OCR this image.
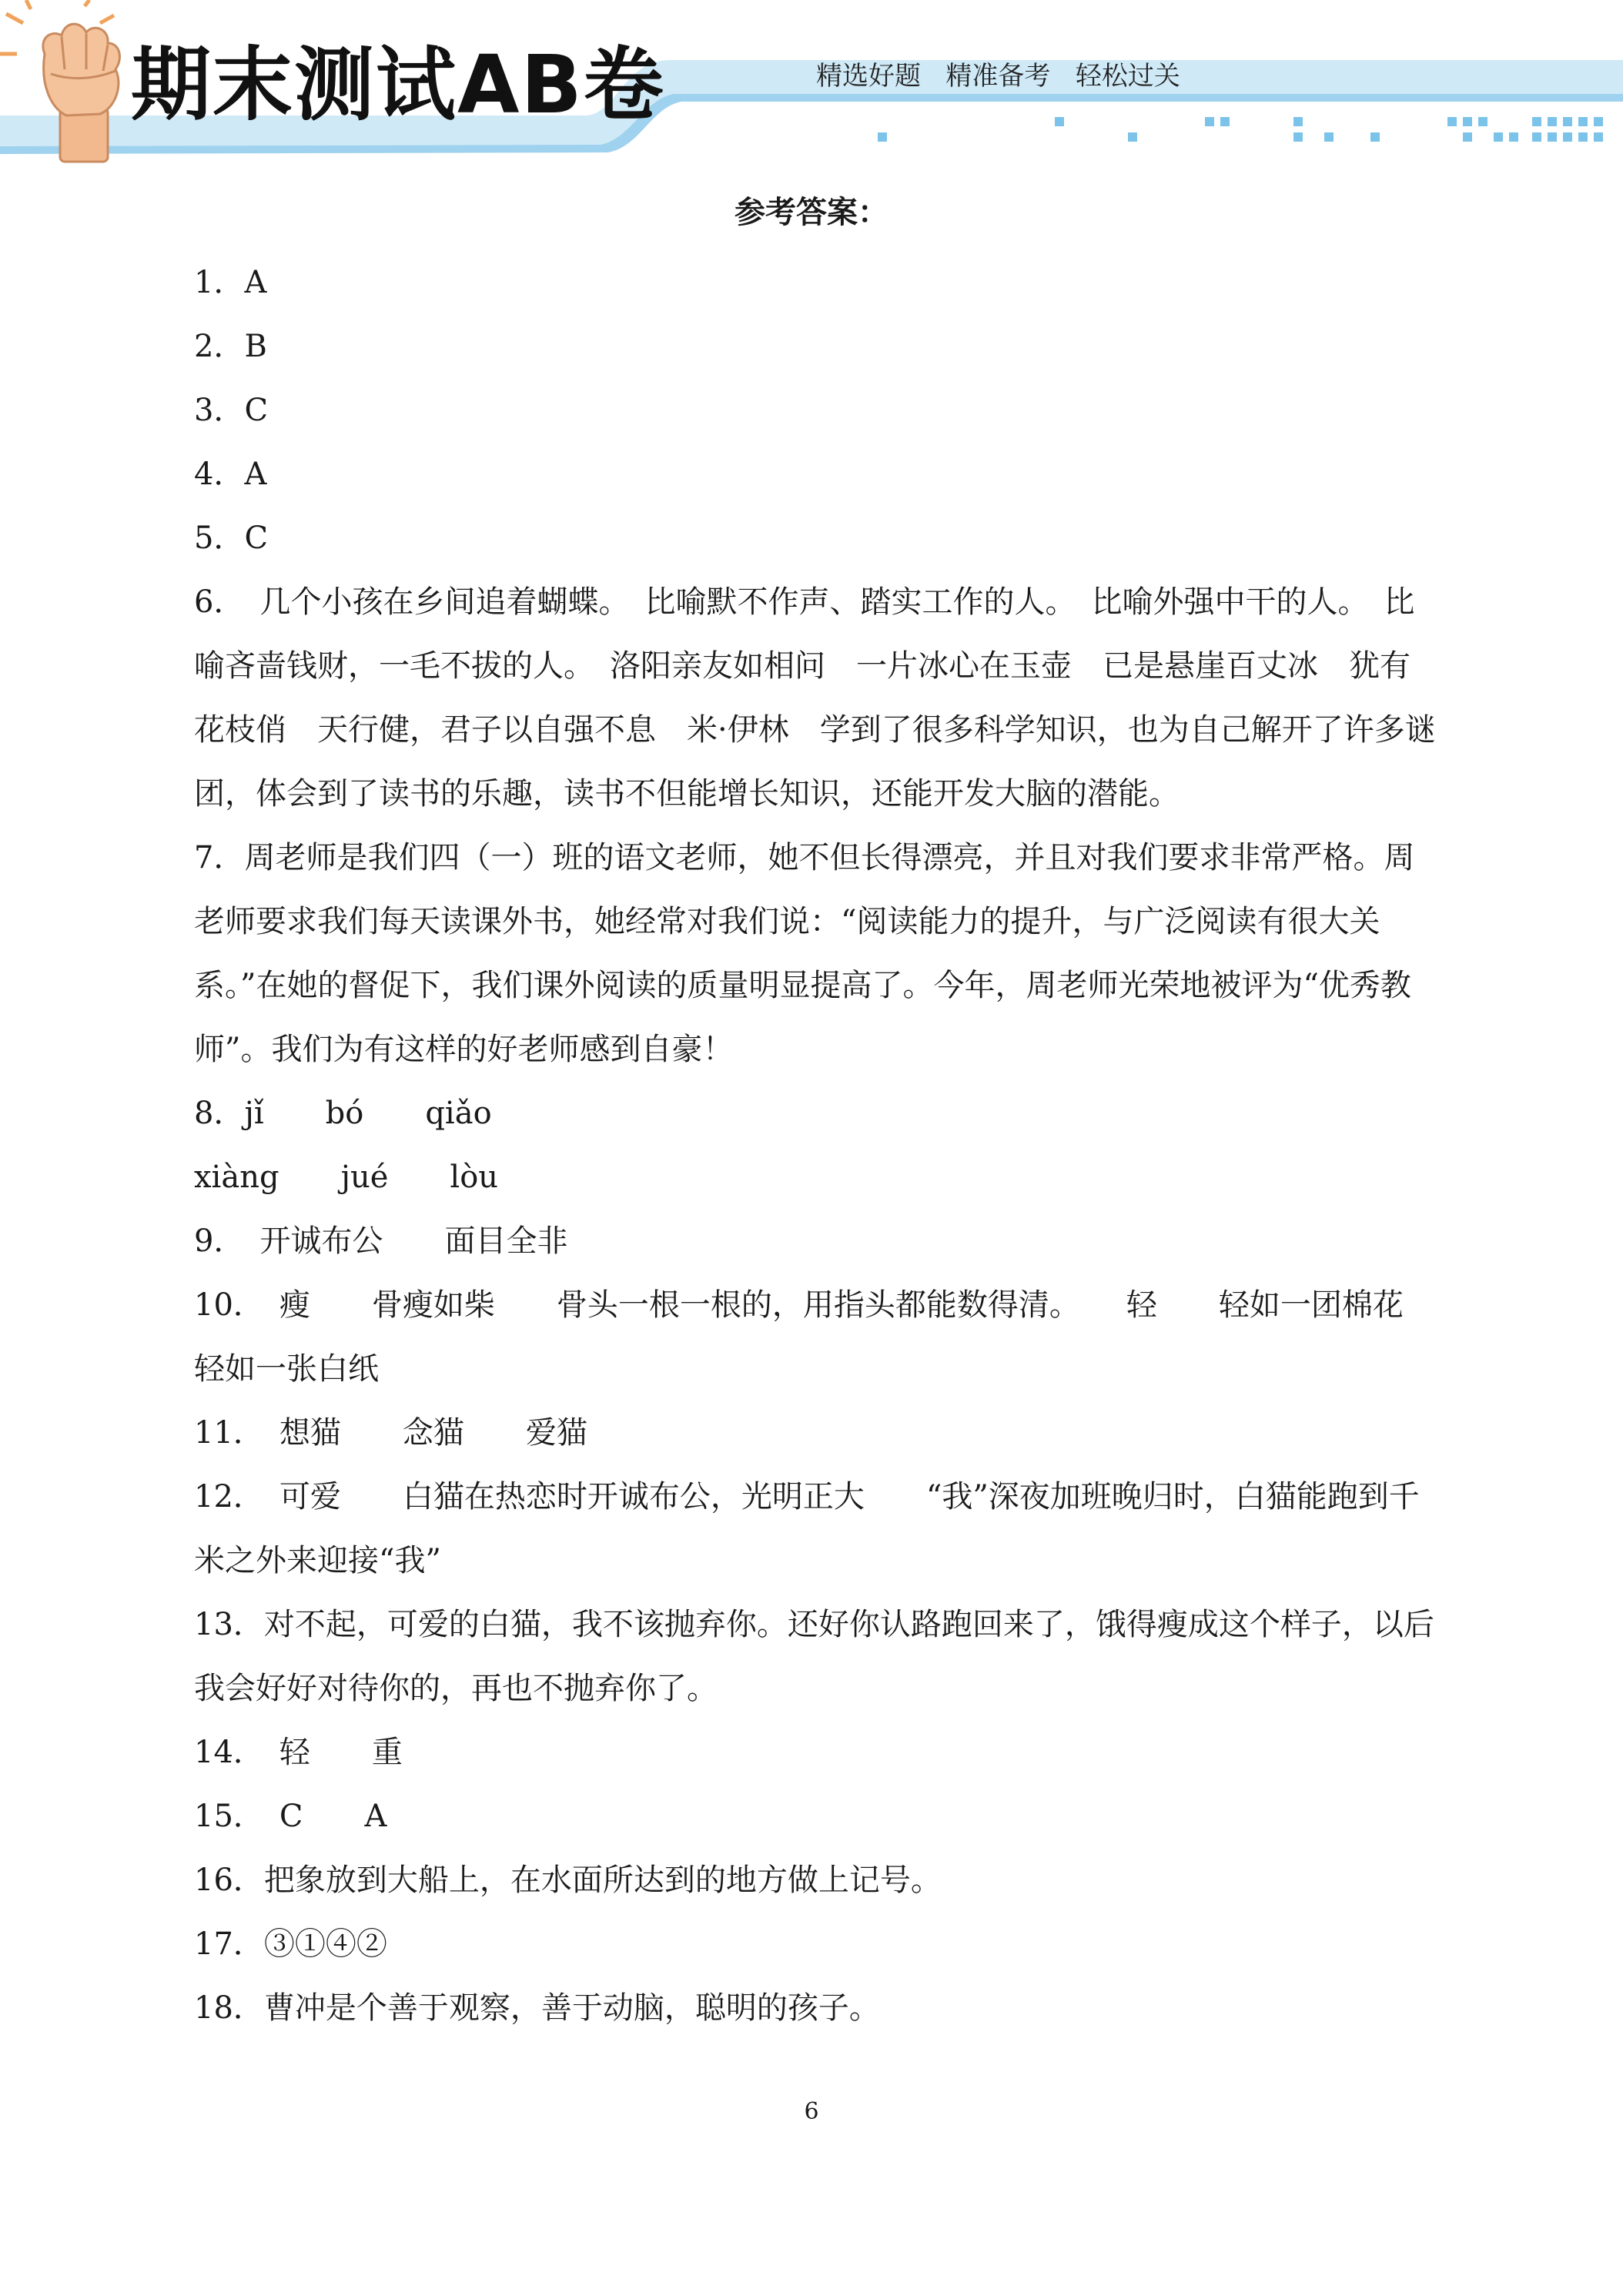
期末测试AB卷	精选好题   精准备考   轻松过关
参考答案：
1．A
2．B
3．C
4．A
5．C
6．　几个小孩在乡间追着蝴蝶。　比喻默不作声、踏实工作的人。　比喻外强中干的人。　比喻吝啬钱财，一毛不拔的人。　洛阳亲友如相问　一片冰心在玉壶　已是悬崖百丈冰　犹有花枝俏　天行健，君子以自强不息　米·伊林　学到了很多科学知识，也为自己解开了许多谜团，体会到了读书的乐趣，读书不但能增长知识，还能开发大脑的潜能。
7．周老师是我们四（一）班的语文老师，她不但长得漂亮，并且对我们要求非常严格。周老师要求我们每天读课外书，她经常对我们说：“阅读能力的提升，与广泛阅读有很大关系。”在她的督促下，我们课外阅读的质量明显提高了。今年，周老师光荣地被评为“优秀教师”。我们为有这样的好老师感到自豪！
8．jǐ　　bó　　qiǎo
xiàng　　jué　　lòu
9．　开诚布公　　面目全非
10．　瘦　　骨瘦如柴　　骨头一根一根的，用指头都能数得清。　　轻　　轻如一团棉花　　轻如一张白纸
11．　想猫　　念猫　　爱猫
12．　可爱　　白猫在热恋时开诚布公，光明正大　　“我”深夜加班晚归时，白猫能跑到千米之外来迎接“我”
13．对不起，可爱的白猫，我不该抛弃你。还好你认路跑回来了，饿得瘦成这个样子，以后我会好好对待你的，再也不抛弃你了。
14．　轻　　重
15．　C　　A
16．把象放到大船上，在水面所达到的地方做上记号。
17．③①④②
18．曹冲是个善于观察，善于动脑，聪明的孩子。
6
